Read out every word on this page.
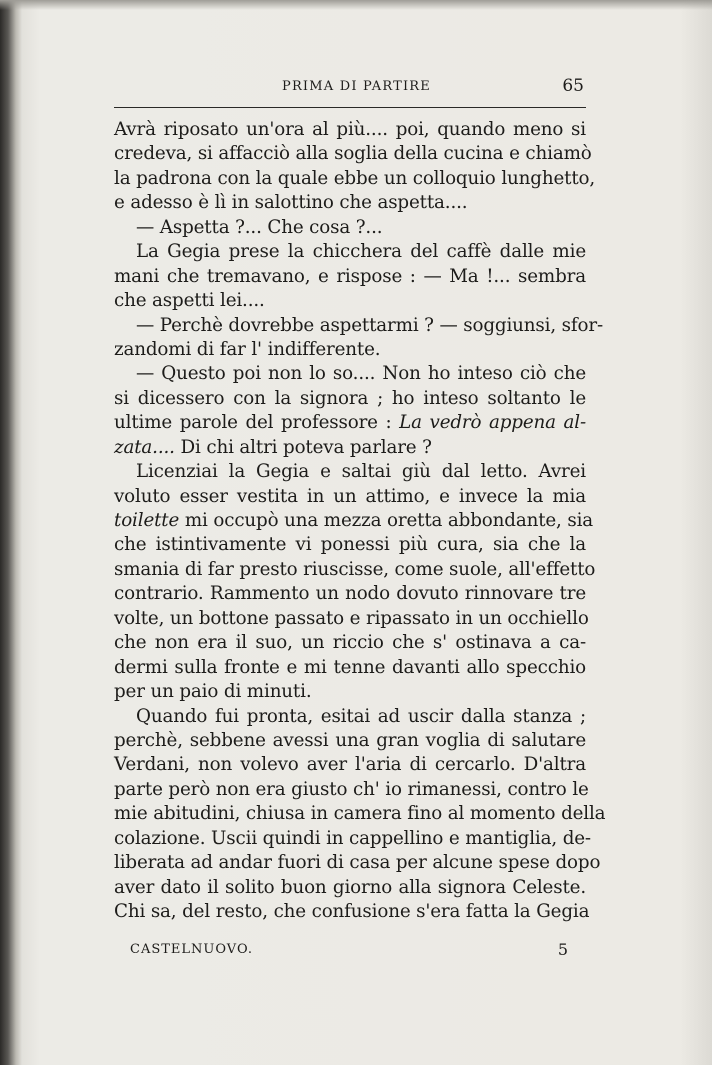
PRIMA DI PARTIRE	65
Avrà riposato un'ora al più.... poi, quando meno si
credeva, si affacciò alla soglia della cucina e chiamò
la padrona con la quale ebbe un colloquio lunghetto,
e adesso è lì in salottino che aspetta....
— Aspetta ?... Che cosa ?...
La Gegia prese la chicchera del caffè dalle mie
mani che tremavano, e rispose : — Ma !... sembra
che aspetti lei....
— Perchè dovrebbe aspettarmi ? — soggiunsi, sfor-
zandomi di far l' indifferente.
— Questo poi non lo so.... Non ho inteso ciò che
si dicessero con la signora ; ho inteso soltanto le
ultime parole del professore : La vedrò appena al-
zata.... Di chi altri poteva parlare ?
Licenziai la Gegia e saltai giù dal letto. Avrei
voluto esser vestita in un attimo, e invece la mia
toilette mi occupò una mezza oretta abbondante, sia
che istintivamente vi ponessi più cura, sia che la
smania di far presto riuscisse, come suole, all'effetto
contrario. Rammento un nodo dovuto rinnovare tre
volte, un bottone passato e ripassato in un occhiello
che non era il suo, un riccio che s' ostinava a ca-
dermi sulla fronte e mi tenne davanti allo specchio
per un paio di minuti.
Quando fui pronta, esitai ad uscir dalla stanza ;
perchè, sebbene avessi una gran voglia di salutare
Verdani, non volevo aver l'aria di cercarlo. D'altra
parte però non era giusto ch' io rimanessi, contro le
mie abitudini, chiusa in camera fino al momento della
colazione. Uscii quindi in cappellino e mantiglia, de-
liberata ad andar fuori di casa per alcune spese dopo
aver dato il solito buon giorno alla signora Celeste.
Chi sa, del resto, che confusione s'era fatta la Gegia
CASTELNUOVO.	5
